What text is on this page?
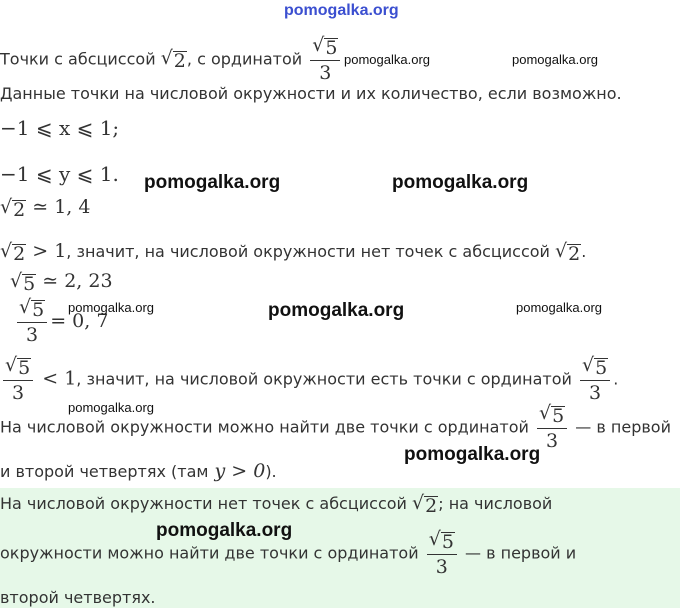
pomogalka.org
Точки с абсциссой √ 2 , с ординатой $\frac{√ 5}{3}$ pomogalka.org	pomogalka.org
Данные точки на числовой окружности и их количество, если возможно.
−1 ⩽ x ⩽ 1;
−1 ⩽ y ⩽ 1. pomogalka.org	pomogalka.org
√ 2 ≃ 1, 4
√ 2 > 1, значит, на числовой окружности нет точек с абсциссой √ 2 .
√ 5 ≃ 2, 23
$\frac{√ 5}{3} = 0$, 7
pomogalka.org	pomogalka.org	pomogalka.org
$\frac{√ 5}{3} < 1$, значит, на числовой окружности есть точки с ординатой $\frac{√ 5}{3}$ .
pomogalka.org
На числовой окружности можно найти две точки с ординатой $\frac{√ 5}{3}$ — в первой
pomogalka.org
и второй четвертях (там y > 0).
На числовой окружности нет точек с абсциссой √ 2 ; на числовой
pomogalka.org
окружности можно найти две точки с ординатой $\frac{√ 5}{3}$ — в первой и
второй четвертях.
